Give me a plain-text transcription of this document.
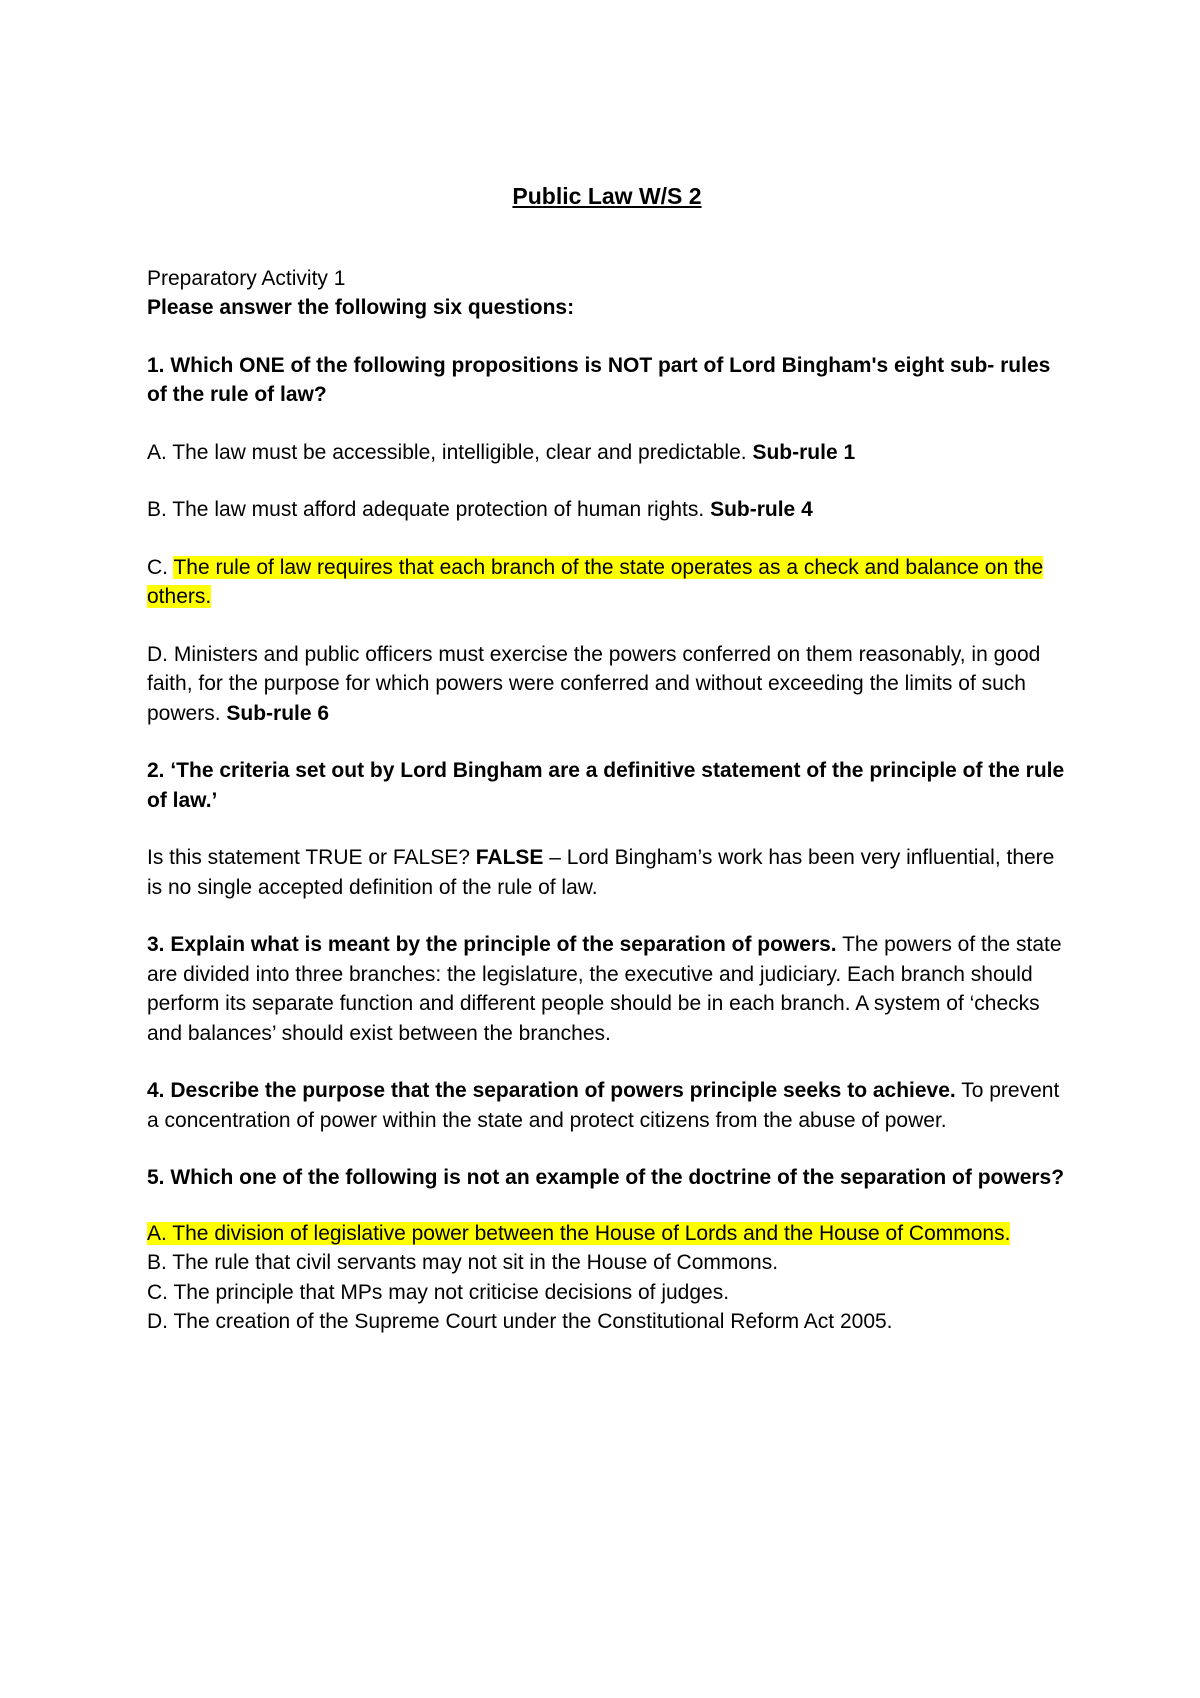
Public Law W/S 2

Preparatory Activity 1

Please answer the following six questions:

1. Which ONE of the following propositions is NOT part of Lord Bingham's eight sub- rules of the rule of law?

A. The law must be accessible, intelligible, clear and predictable. Sub-rule 1

B. The law must afford adequate protection of human rights. Sub-rule 4

C. The rule of law requires that each branch of the state operates as a check and balance on the others.

D. Ministers and public officers must exercise the powers conferred on them reasonably, in good faith, for the purpose for which powers were conferred and without exceeding the limits of such powers. Sub-rule 6

2. ‘The criteria set out by Lord Bingham are a definitive statement of the principle of the rule of law.’

Is this statement TRUE or FALSE? FALSE – Lord Bingham’s work has been very influential, there is no single accepted definition of the rule of law.

3. Explain what is meant by the principle of the separation of powers. The powers of the state are divided into three branches: the legislature, the executive and judiciary. Each branch should perform its separate function and different people should be in each branch. A system of ‘checks and balances’ should exist between the branches.

4. Describe the purpose that the separation of powers principle seeks to achieve. To prevent a concentration of power within the state and protect citizens from the abuse of power.

5. Which one of the following is not an example of the doctrine of the separation of powers?

A. The division of legislative power between the House of Lords and the House of Commons.

B. The rule that civil servants may not sit in the House of Commons.

C. The principle that MPs may not criticise decisions of judges.

D. The creation of the Supreme Court under the Constitutional Reform Act 2005.
